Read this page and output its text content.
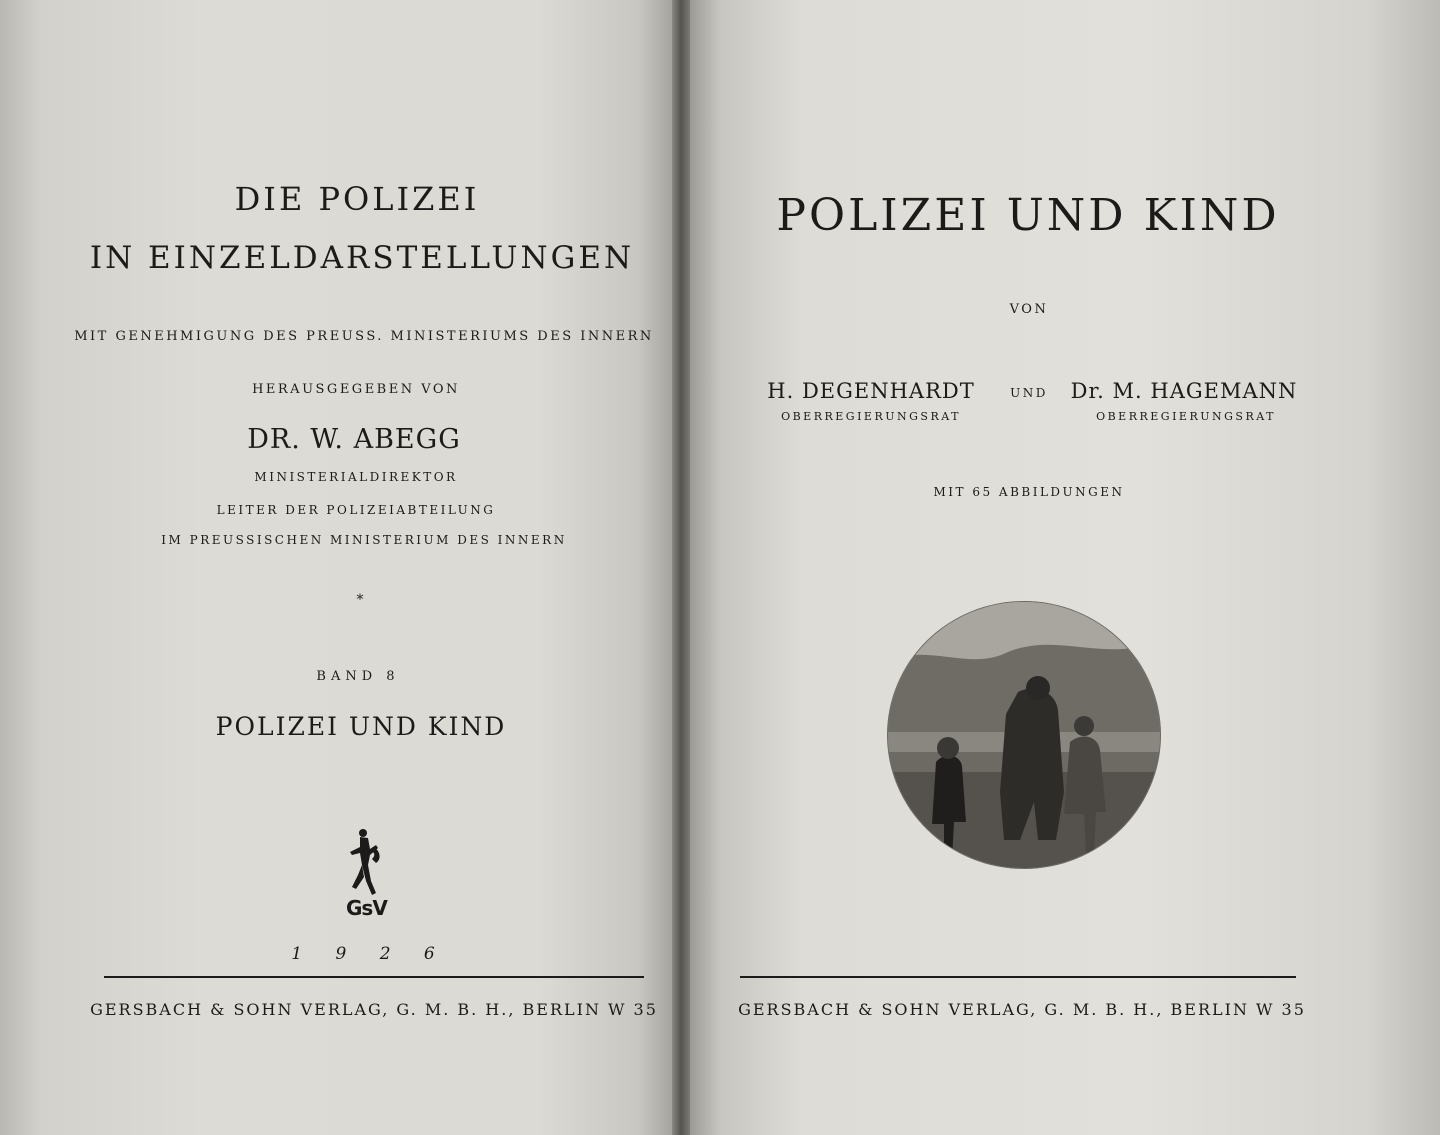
DIE POLIZEI
IN EINZELDARSTELLUNGEN
MIT GENEHMIGUNG DES PREUSS. MINISTERIUMS DES INNERN
HERAUSGEGEBEN VON
DR. W. ABEGG
MINISTERIALDIREKTOR
LEITER DER POLIZEIABTEILUNG
IM PREUSSISCHEN MINISTERIUM DES INNERN
*
BAND 8
POLIZEI UND KIND
GsV
1 9 2 6
GERSBACH & SOHN VERLAG, G. M. B. H., BERLIN W 35
POLIZEI UND KIND
VON
H. DEGENHARDT
OBERREGIERUNGSRAT
UND Dr. M. HAGEMANN
OBERREGIERUNGSRAT
MIT 65 ABBILDUNGEN
GERSBACH & SOHN VERLAG, G. M. B. H., BERLIN W 35
